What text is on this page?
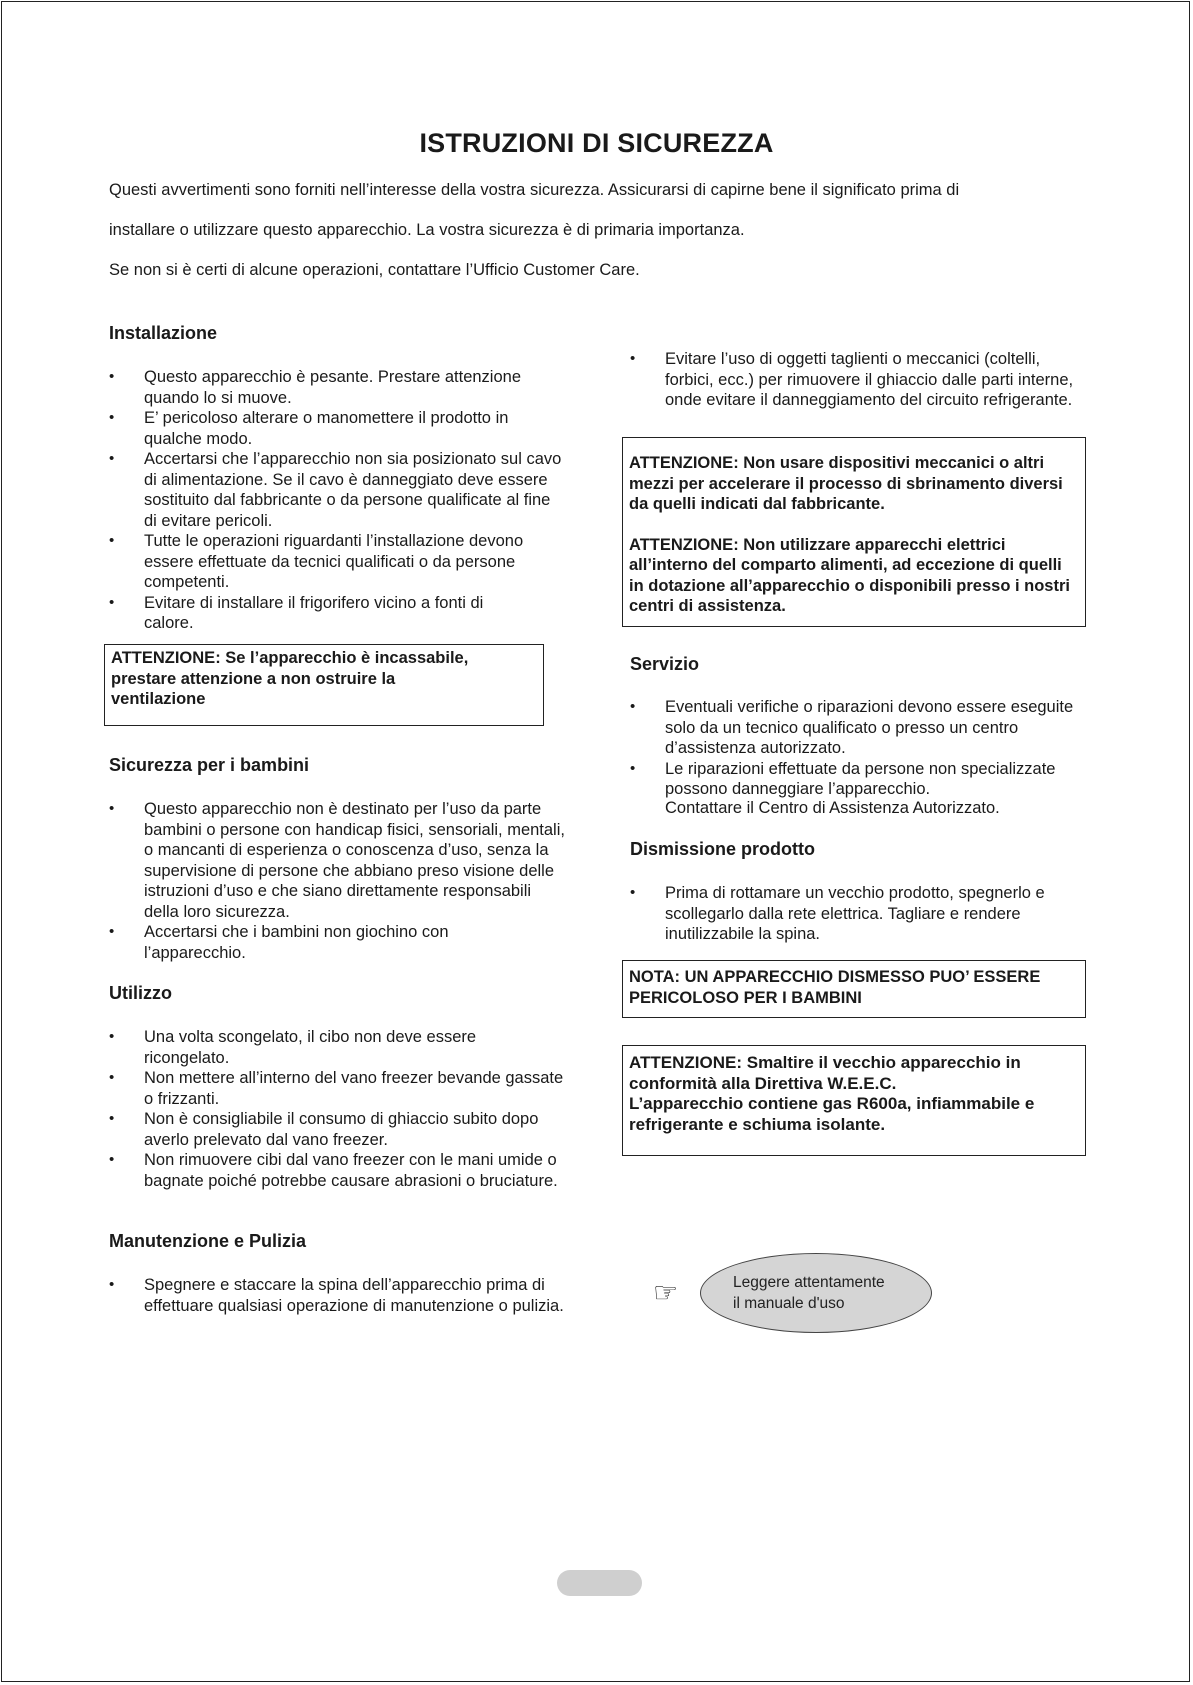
ISTRUZIONI DI SICUREZZA
Questi avvertimenti sono forniti nell’interesse della vostra sicurezza. Assicurarsi di capirne bene il significato prima di
installare o utilizzare questo apparecchio. La vostra sicurezza è di primaria importanza.
Se non si è certi di alcune operazioni, contattare l’Ufficio Customer Care.
Installazione
• Questo apparecchio è pesante. Prestare attenzione quando lo si muove.
• E’ pericoloso alterare o manomettere il prodotto in qualche modo.
• Accertarsi che l’apparecchio non sia posizionato sul cavo di alimentazione. Se il cavo è danneggiato deve essere sostituito dal fabbricante o da persone qualificate al fine di evitare pericoli.
• Tutte le operazioni riguardanti l’installazione devono essere effettuate da tecnici qualificati o da persone competenti.
• Evitare di installare il frigorifero vicino a fonti di calore.

ATTENZIONE: Se l’apparecchio è incassabile, prestare attenzione a non ostruire la ventilazione

Sicurezza per i bambini
• Questo apparecchio non è destinato per l’uso da parte bambini o persone con handicap fisici, sensoriali, mentali, o mancanti di esperienza o conoscenza d’uso, senza la supervisione di persone che abbiano preso visione delle istruzioni d’uso e che siano direttamente responsabili della loro sicurezza.
• Accertarsi che i bambini non giochino con l’apparecchio.
Utilizzo
• Una volta scongelato, il cibo non deve essere ricongelato.
• Non mettere all’interno del vano freezer bevande gassate o frizzanti.
• Non è consigliabile il consumo di ghiaccio subito dopo averlo prelevato dal vano freezer.
• Non rimuovere cibi dal vano freezer con le mani umide o bagnate poiché potrebbe causare abrasioni o bruciature.
Manutenzione e Pulizia
• Spegnere e staccare la spina dell’apparecchio prima di effettuare qualsiasi operazione di manutenzione o pulizia.
• Evitare l’uso di oggetti taglienti o meccanici (coltelli, forbici, ecc.) per rimuovere il ghiaccio dalle parti interne, onde evitare il danneggiamento del circuito refrigerante.

ATTENZIONE: Non usare dispositivi meccanici o altri mezzi per accelerare il processo di sbrinamento diversi da quelli indicati dal fabbricante.

ATTENZIONE: Non utilizzare apparecchi elettrici all’interno del comparto alimenti, ad eccezione di quelli in dotazione all’apparecchio o disponibili presso i nostri centri di assistenza.

Servizio
• Eventuali verifiche o riparazioni devono essere eseguite solo da un tecnico qualificato o presso un centro d’assistenza autorizzato.
• Le riparazioni effettuate da persone non specializzate possono danneggiare l’apparecchio.
Contattare il Centro di Assistenza Autorizzato.
Dismissione prodotto
• Prima di rottamare un vecchio prodotto, spegnerlo e scollegarlo dalla rete elettrica. Tagliare e rendere inutilizzabile la spina.

NOTA: UN APPARECCHIO DISMESSO PUO’ ESSERE PERICOLOSO PER I BAMBINI

ATTENZIONE: Smaltire il vecchio apparecchio in conformità alla Direttiva W.E.E.C.

L’apparecchio contiene gas R600a, infiammabile e refrigerante e schiuma isolante.

☞	Leggere attentamente
il manuale d'uso
